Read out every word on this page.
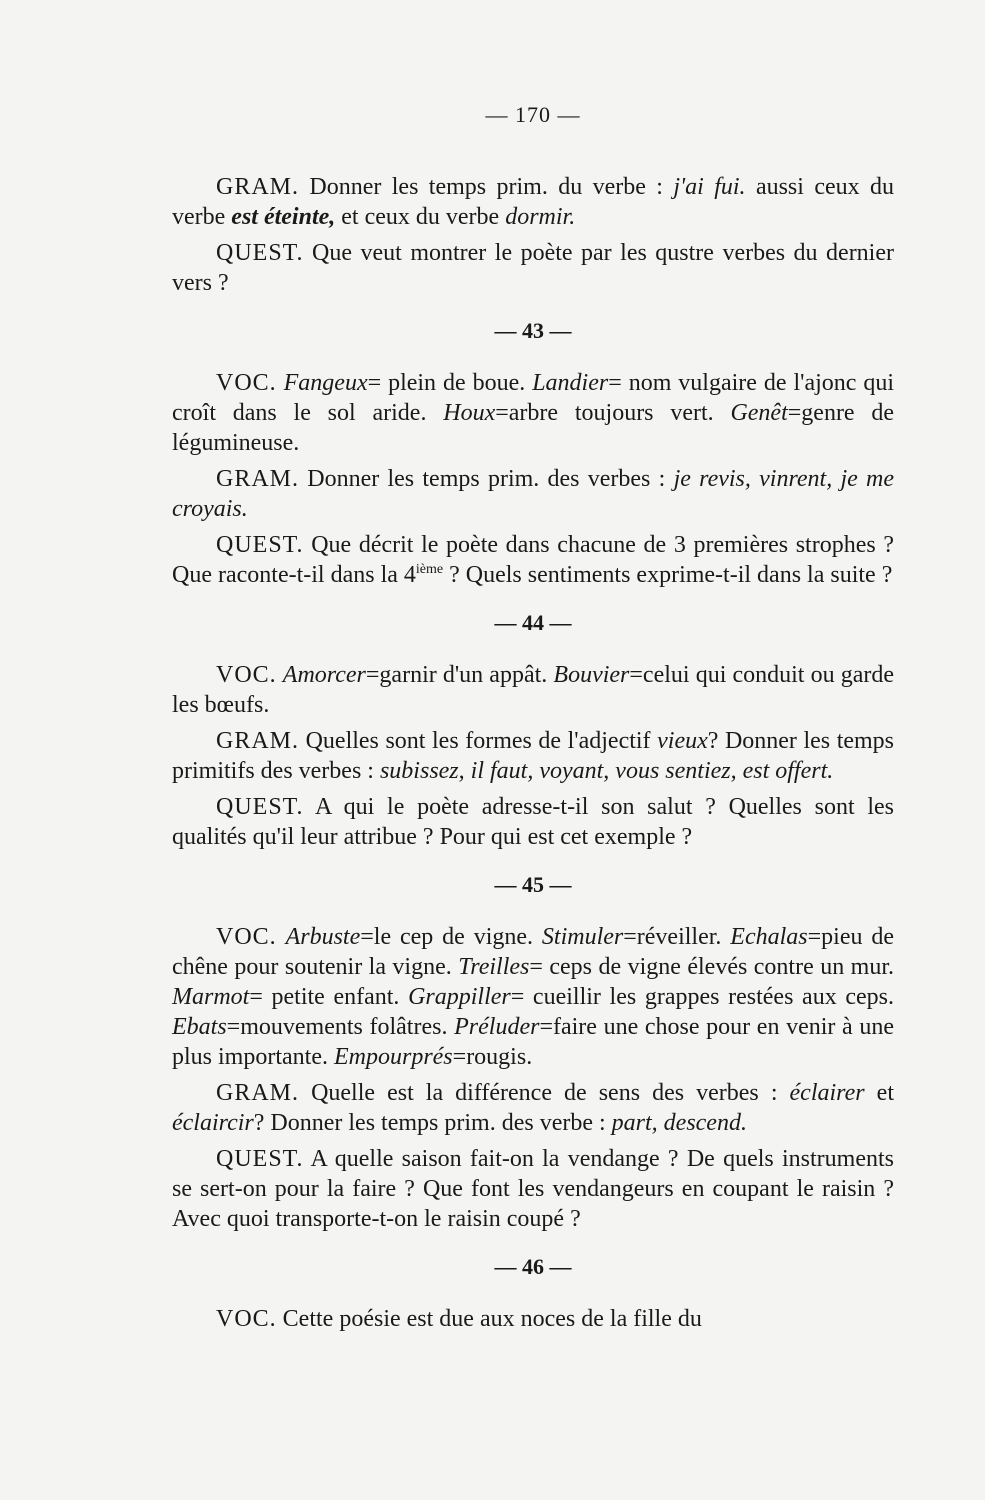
— 170 —

GRAM. Donner les temps prim. du verbe : j'ai fui. aussi ceux du verbe est éteinte, et ceux du verbe dormir.

QUEST. Que veut montrer le poète par les qustre verbes du dernier vers ?

— 43 —

VOC. Fangeux= plein de boue. Landier= nom vulgaire de l'ajonc qui croît dans le sol aride. Houx=arbre toujours vert. Genêt=genre de légumineuse.

GRAM. Donner les temps prim. des verbes : je revis, vinrent, je me croyais.

QUEST. Que décrit le poète dans chacune de 3 premières strophes ? Que raconte-t-il dans la 4ième ? Quels sentiments exprime-t-il dans la suite ?

— 44 —

VOC. Amorcer=garnir d'un appât. Bouvier=celui qui conduit ou garde les bœufs.

GRAM. Quelles sont les formes de l'adjectif vieux? Donner les temps primitifs des verbes : subissez, il faut, voyant, vous sentiez, est offert.

QUEST. A qui le poète adresse-t-il son salut ? Quelles sont les qualités qu'il leur attribue ? Pour qui est cet exemple ?

— 45 —

VOC. Arbuste=le cep de vigne. Stimuler=réveiller. Echalas=pieu de chêne pour soutenir la vigne. Treilles= ceps de vigne élevés contre un mur. Marmot= petite enfant. Grappiller= cueillir les grappes restées aux ceps. Ebats=mouvements folâtres. Préluder=faire une chose pour en venir à une plus importante. Empourprés=rougis.

GRAM. Quelle est la différence de sens des verbes : éclairer et éclaircir? Donner les temps prim. des verbe : part, descend.

QUEST. A quelle saison fait-on la vendange ? De quels instruments se sert-on pour la faire ? Que font les vendangeurs en coupant le raisin ? Avec quoi transporte-t-on le raisin coupé ?

— 46 —

VOC. Cette poésie est due aux noces de la fille du
